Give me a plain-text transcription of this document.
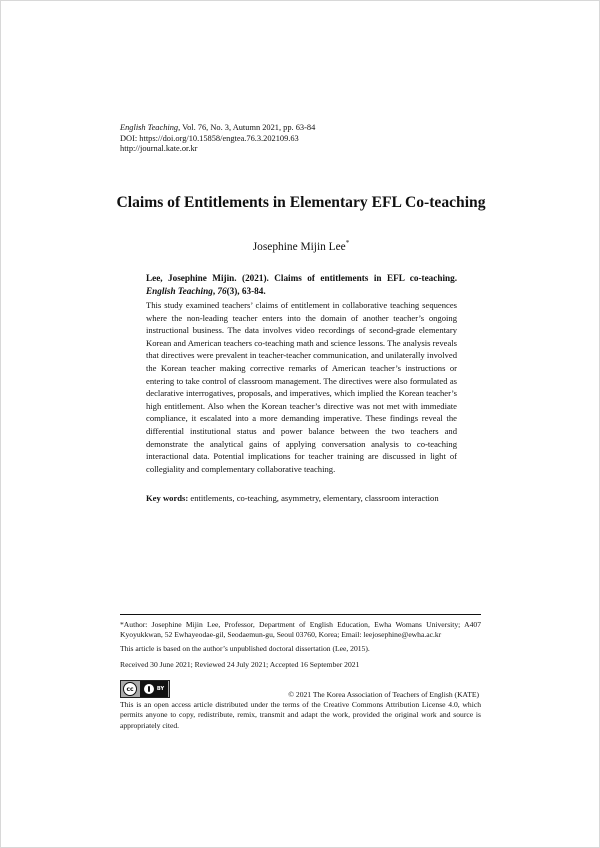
English Teaching, Vol. 76, No. 3, Autumn 2021, pp. 63-84
DOI: https://doi.org/10.15858/engtea.76.3.202109.63
http://journal.kate.or.kr
Claims of Entitlements in Elementary EFL Co-teaching
Josephine Mijin Lee*
Lee, Josephine Mijin. (2021). Claims of entitlements in EFL co-teaching. English Teaching, 76(3), 63-84.
This study examined teachers’ claims of entitlement in collaborative teaching sequences where the non-leading teacher enters into the domain of another teacher’s ongoing instructional business. The data involves video recordings of second-grade elementary Korean and American teachers co-teaching math and science lessons. The analysis reveals that directives were prevalent in teacher-teacher communication, and unilaterally involved the Korean teacher making corrective remarks of American teacher’s instructions or entering to take control of classroom management. The directives were also formulated as declarative interrogatives, proposals, and imperatives, which implied the Korean teacher’s high entitlement. Also when the Korean teacher’s directive was not met with immediate compliance, it escalated into a more demanding imperative. These findings reveal the differential institutional status and power balance between the two teachers and demonstrate the analytical gains of applying conversation analysis to co-teaching interactional data. Potential implications for teacher training are discussed in light of collegiality and complementary collaborative teaching.
Key words: entitlements, co-teaching, asymmetry, elementary, classroom interaction
*Author: Josephine Mijin Lee, Professor, Department of English Education, Ewha Womans University; A407 Kyoyukkwan, 52 Ewhayeodae-gil, Seodaemun-gu, Seoul 03760, Korea; Email: leejosephine@ewha.ac.kr
This article is based on the author’s unpublished doctoral dissertation (Lee, 2015).
Received 30 June 2021; Reviewed 24 July 2021; Accepted 16 September 2021
cc	BY
© 2021 The Korea Association of Teachers of English (KATE)
This is an open access article distributed under the terms of the Creative Commons Attribution License 4.0, which permits anyone to copy, redistribute, remix, transmit and adapt the work, provided the original work and source is appropriately cited.
